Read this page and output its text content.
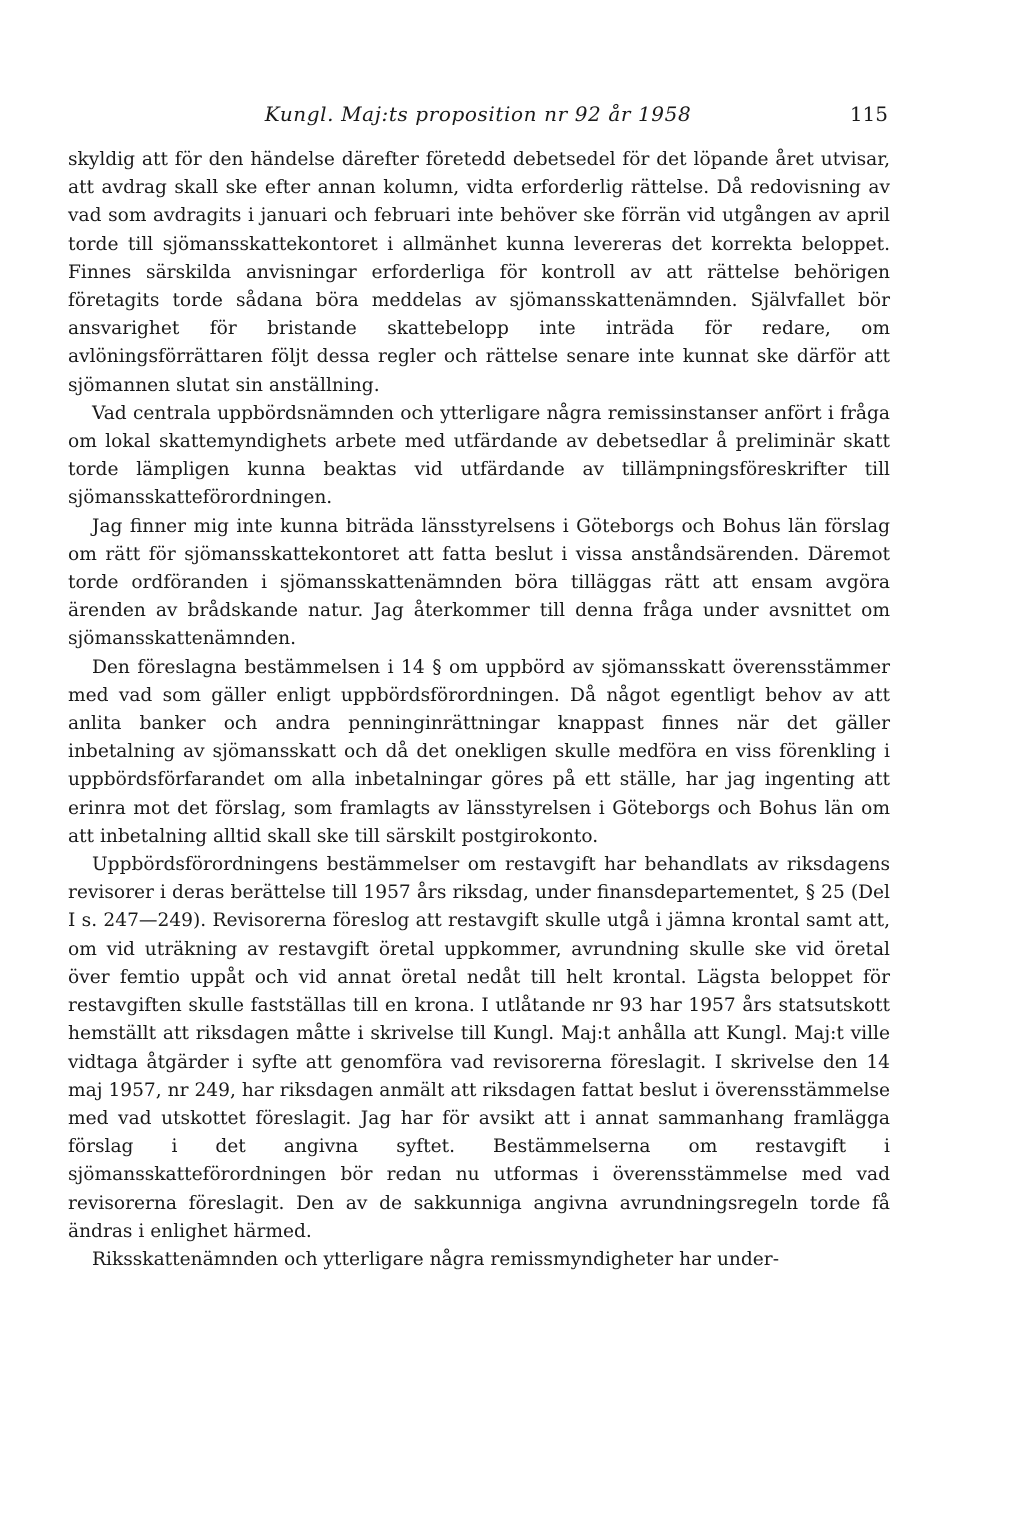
Kungl. Maj:ts proposition nr 92 år 1958	115

skyldig att för den händelse därefter företedd debetsedel för det löpande året utvisar, att avdrag skall ske efter annan kolumn, vidta erforderlig rättelse. Då redovisning av vad som avdragits i januari och februari inte behöver ske förrän vid utgången av april torde till sjömansskattekontoret i allmänhet kunna levereras det korrekta beloppet. Finnes särskilda anvisningar erforderliga för kontroll av att rättelse behörigen företagits torde sådana böra meddelas av sjömansskattenämnden. Självfallet bör ansvarighet för bristande skattebelopp inte inträda för redare, om avlöningsförrättaren följt dessa regler och rättelse senare inte kunnat ske därför att sjömannen slutat sin anställning.

Vad centrala uppbördsnämnden och ytterligare några remissinstanser anfört i fråga om lokal skattemyndighets arbete med utfärdande av debetsedlar å preliminär skatt torde lämpligen kunna beaktas vid utfärdande av tillämpningsföreskrifter till sjömansskatteförordningen.

Jag finner mig inte kunna biträda länsstyrelsens i Göteborgs och Bohus län förslag om rätt för sjömansskattekontoret att fatta beslut i vissa anståndsärenden. Däremot torde ordföranden i sjömansskattenämnden böra tilläggas rätt att ensam avgöra ärenden av brådskande natur. Jag återkommer till denna fråga under avsnittet om sjömansskattenämnden.

Den föreslagna bestämmelsen i 14 § om uppbörd av sjömansskatt överensstämmer med vad som gäller enligt uppbördsförordningen. Då något egentligt behov av att anlita banker och andra penninginrättningar knappast finnes när det gäller inbetalning av sjömansskatt och då det onekligen skulle medföra en viss förenkling i uppbördsförfarandet om alla inbetalningar göres på ett ställe, har jag ingenting att erinra mot det förslag, som framlagts av länsstyrelsen i Göteborgs och Bohus län om att inbetalning alltid skall ske till särskilt postgirokonto.

Uppbördsförordningens bestämmelser om restavgift har behandlats av riksdagens revisorer i deras berättelse till 1957 års riksdag, under finansdepartementet, § 25 (Del I s. 247—249). Revisorerna föreslog att restavgift skulle utgå i jämna krontal samt att, om vid uträkning av restavgift öretal uppkommer, avrundning skulle ske vid öretal över femtio uppåt och vid annat öretal nedåt till helt krontal. Lägsta beloppet för restavgiften skulle fastställas till en krona. I utlåtande nr 93 har 1957 års statsutskott hemställt att riksdagen måtte i skrivelse till Kungl. Maj:t anhålla att Kungl. Maj:t ville vidtaga åtgärder i syfte att genomföra vad revisorerna föreslagit. I skrivelse den 14 maj 1957, nr 249, har riksdagen anmält att riksdagen fattat beslut i överensstämmelse med vad utskottet föreslagit. Jag har för avsikt att i annat sammanhang framlägga förslag i det angivna syftet. Bestämmelserna om restavgift i sjömansskatteförordningen bör redan nu utformas i överensstämmelse med vad revisorerna föreslagit. Den av de sakkunniga angivna avrundningsregeln torde få ändras i enlighet härmed.

Riksskattenämnden och ytterligare några remissmyndigheter har under-
